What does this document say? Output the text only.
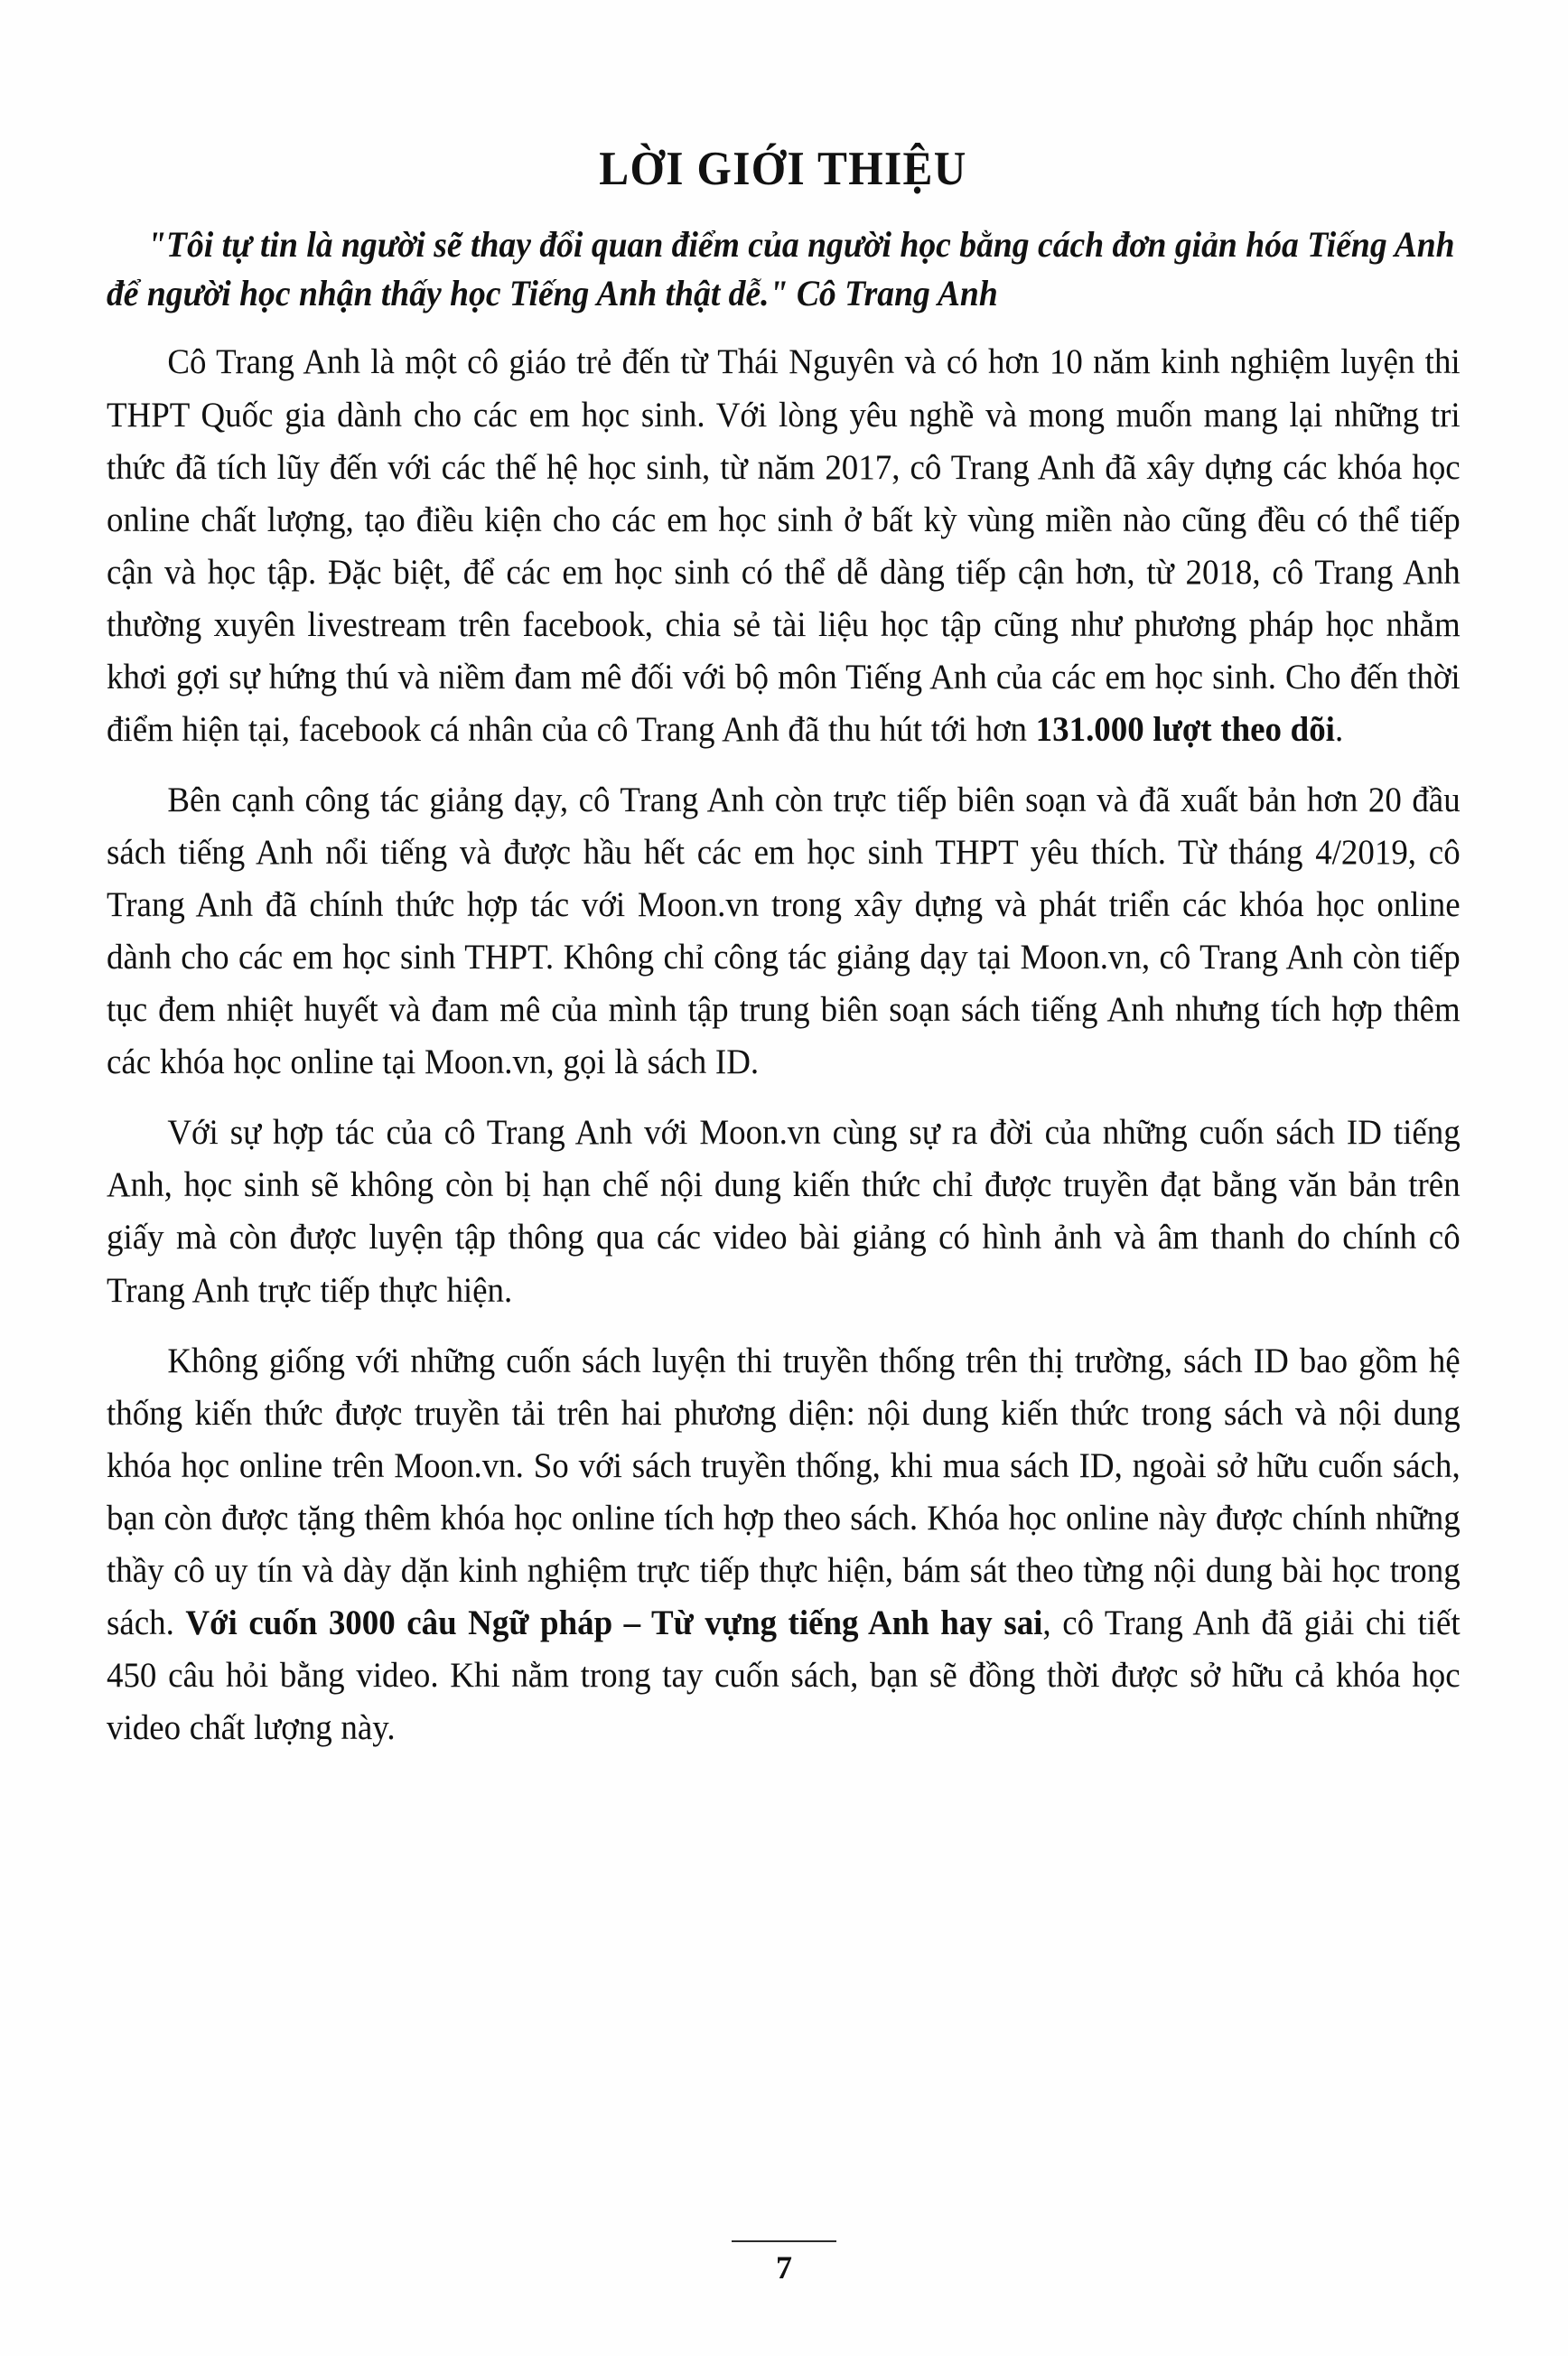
LỜI GIỚI THIỆU

"Tôi tự tin là người sẽ thay đổi quan điểm của người học bằng cách đơn giản hóa Tiếng Anh để người học nhận thấy học Tiếng Anh thật dễ." Cô Trang Anh

Cô Trang Anh là một cô giáo trẻ đến từ Thái Nguyên và có hơn 10 năm kinh nghiệm luyện thi THPT Quốc gia dành cho các em học sinh. Với lòng yêu nghề và mong muốn mang lại những tri thức đã tích lũy đến với các thế hệ học sinh, từ năm 2017, cô Trang Anh đã xây dựng các khóa học online chất lượng, tạo điều kiện cho các em học sinh ở bất kỳ vùng miền nào cũng đều có thể tiếp cận và học tập. Đặc biệt, để các em học sinh có thể dễ dàng tiếp cận hơn, từ 2018, cô Trang Anh thường xuyên livestream trên facebook, chia sẻ tài liệu học tập cũng như phương pháp học nhằm khơi gợi sự hứng thú và niềm đam mê đối với bộ môn Tiếng Anh của các em học sinh. Cho đến thời điểm hiện tại, facebook cá nhân của cô Trang Anh đã thu hút tới hơn 131.000 lượt theo dõi.

Bên cạnh công tác giảng dạy, cô Trang Anh còn trực tiếp biên soạn và đã xuất bản hơn 20 đầu sách tiếng Anh nổi tiếng và được hầu hết các em học sinh THPT yêu thích. Từ tháng 4/2019, cô Trang Anh đã chính thức hợp tác với Moon.vn trong xây dựng và phát triển các khóa học online dành cho các em học sinh THPT. Không chỉ công tác giảng dạy tại Moon.vn, cô Trang Anh còn tiếp tục đem nhiệt huyết và đam mê của mình tập trung biên soạn sách tiếng Anh nhưng tích hợp thêm các khóa học online tại Moon.vn, gọi là sách ID.

Với sự hợp tác của cô Trang Anh với Moon.vn cùng sự ra đời của những cuốn sách ID tiếng Anh, học sinh sẽ không còn bị hạn chế nội dung kiến thức chỉ được truyền đạt bằng văn bản trên giấy mà còn được luyện tập thông qua các video bài giảng có hình ảnh và âm thanh do chính cô Trang Anh trực tiếp thực hiện.

Không giống với những cuốn sách luyện thi truyền thống trên thị trường, sách ID bao gồm hệ thống kiến thức được truyền tải trên hai phương diện: nội dung kiến thức trong sách và nội dung khóa học online trên Moon.vn. So với sách truyền thống, khi mua sách ID, ngoài sở hữu cuốn sách, bạn còn được tặng thêm khóa học online tích hợp theo sách. Khóa học online này được chính những thầy cô uy tín và dày dặn kinh nghiệm trực tiếp thực hiện, bám sát theo từng nội dung bài học trong sách. Với cuốn 3000 câu Ngữ pháp – Từ vựng tiếng Anh hay sai, cô Trang Anh đã giải chi tiết 450 câu hỏi bằng video. Khi nằm trong tay cuốn sách, bạn sẽ đồng thời được sở hữu cả khóa học video chất lượng này.

7
